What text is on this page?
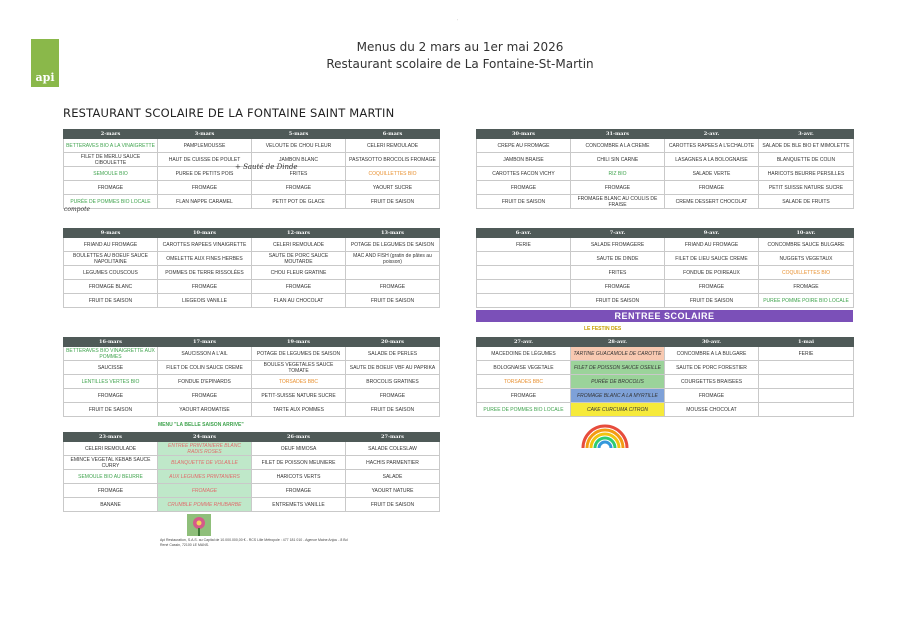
api
Menus du 2 mars au 1er mai 2026
Restaurant scolaire de La Fontaine-St-Martin
RESTAURANT SCOLAIRE DE LA FONTAINE SAINT MARTIN
˙
2-mars	3-mars	5-mars	6-mars
BETTERAVES BIO A LA VINAIGRETTE	PAMPLEMOUSSE	VELOUTE DE CHOU FLEUR	CELERI REMOULADE
FILET DE MERLU SAUCE CIBOULETTE	HAUT DE CUISSE DE POULET	JAMBON BLANC	PASTASOTTO BROCOLIS FROMAGE
SEMOULE BIO	PUREE DE PETITS POIS	FRITES	COQUILLETTES BIO
FROMAGE	FROMAGE	FROMAGE	YAOURT SUCRE
PURÉE DE POMMES BIO LOCALE	FLAN NAPPE CARAMEL	PETIT POT DE GLACE	FRUIT DE SAISON
30-mars	31-mars	2-avr.	3-avr.
CREPE AU FROMAGE	CONCOMBRE A LA CREME	CAROTTES RAPEES A L'ECHALOTE	SALADE DE BLE BIO ET MIMOLETTE
JAMBON BRAISE	CHILI SIN CARNE	LASAGNES A LA BOLOGNAISE	BLANQUETTE DE COLIN
CAROTTES FACON VICHY	RIZ BIO	SALADE VERTE	HARICOTS BEURRE PERSILLES
FROMAGE	FROMAGE	FROMAGE	PETIT SUISSE NATURE SUCRE
FRUIT DE SAISON	FROMAGE BLANC AU COULIS DE FRAISE	CREME DESSERT CHOCOLAT	SALADE DE FRUITS
9-mars	10-mars	12-mars	13-mars
FRIAND AU FROMAGE	CAROTTES RAPEES VINAIGRETTE	CELERI REMOULADE	POTAGE DE LEGUMES DE SAISON
BOULETTES AU BOEUF SAUCE NAPOLITAINE	OMELETTE AUX FINES HERBES	SAUTE DE PORC SAUCE MOUTARDE	MAC AND FISH (gratin de pâtes au poisson)
LEGUMES COUSCOUS	POMMES DE TERRE RISSOLÉES	CHOU FLEUR GRATINE	
FROMAGE BLANC	FROMAGE	FROMAGE	FROMAGE
FRUIT DE SAISON	LIEGEOIS VANILLE	FLAN AU CHOCOLAT	FRUIT DE SAISON
6-avr.	7-avr.	9-avr.	10-avr.
FERIE	SALADE FROMAGERE	FRIAND AU FROMAGE	CONCOMBRE SAUCE BULGARE
	SAUTE DE DINDE	FILET DE LIEU SAUCE CREME	NUGGETS VEGETAUX
	FRITES	FONDUE DE POIREAUX	COQUILLETTES BIO
	FROMAGE	FROMAGE	FROMAGE
	FRUIT DE SAISON	FRUIT DE SAISON	PUREE POMME POIRE BIO LOCALE
RENTREE SCOLAIRE
LE FESTIN DES
16-mars	17-mars	19-mars	20-mars
BETTERAVES BIO VINAIGRETTE AUX POMMES	SAUCISSON A L'AIL	POTAGE DE LEGUMES DE SAISON	SALADE DE PERLES
SAUCISSE	FILET DE COLIN SAUCE CREME	BOULES VEGETALES SAUCE TOMATE	SAUTE DE BOEUF VBF AU PAPRIKA
LENTILLES VERTES BIO	FONDUE D'EPINARDS	TORSADES BBC	BROCOLIS GRATINES
FROMAGE	FROMAGE	PETIT-SUISSE NATURE SUCRE	FROMAGE
FRUIT DE SAISON	YAOURT AROMATISE	TARTE AUX POMMES	FRUIT DE SAISON
27-avr.	28-avr.	30-avr.	1-mai
MACEDOINE DE LÉGUMES	TARTINE GUACAMOLE DE CAROTTE	CONCOMBRE A LA BULGARE	FERIE
BOLOGNAISE VEGETALE	FILET DE POISSON SAUCE OSEILLE	SAUTE DE PORC FORESTIER	
TORSADES BBC	PURÉE DE BROCOLIS	COURGETTES BRAISEES	
FROMAGE	FROMAGE BLANC A LA MYRTILLE	FROMAGE	
PUREE DE POMMES BIO LOCALE	CAKE CURCUMA CITRON	MOUSSE CHOCOLAT	
MENU "LA BELLE SAISON ARRIVE"
23-mars	24-mars	26-mars	27-mars
CELERI REMOULADE	ENTREE PRINTANIERE BLANC RADIS ROSES	OEUF MIMOSA	SALADE COLESLAW
EMINCE VEGETAL KEBAB SAUCE CURRY	BLANQUETTE DE VOLAILLE	FILET DE POISSON MEUNIERE	HACHIS PARMENTIER
SEMOULE BIO AU BEURRE	AUX LEGUMES PRINTANIERS	HARICOTS VERTS	SALADE
FROMAGE	FROMAGE	FROMAGE	YAOURT NATURE
BANANE	CRUMBLE POMME RHUBARBE	ENTREMETS VANILLE	FRUIT DE SAISON
+ Sauté de Dinde
compote
Api Restauration, S.A.S. au Capital de 10.000.000,00 € - RCS Lille Métropole : 477 181 010 - Agence Maine Anjou - 8 Bd René Cassin, 72100 LE MANS.
